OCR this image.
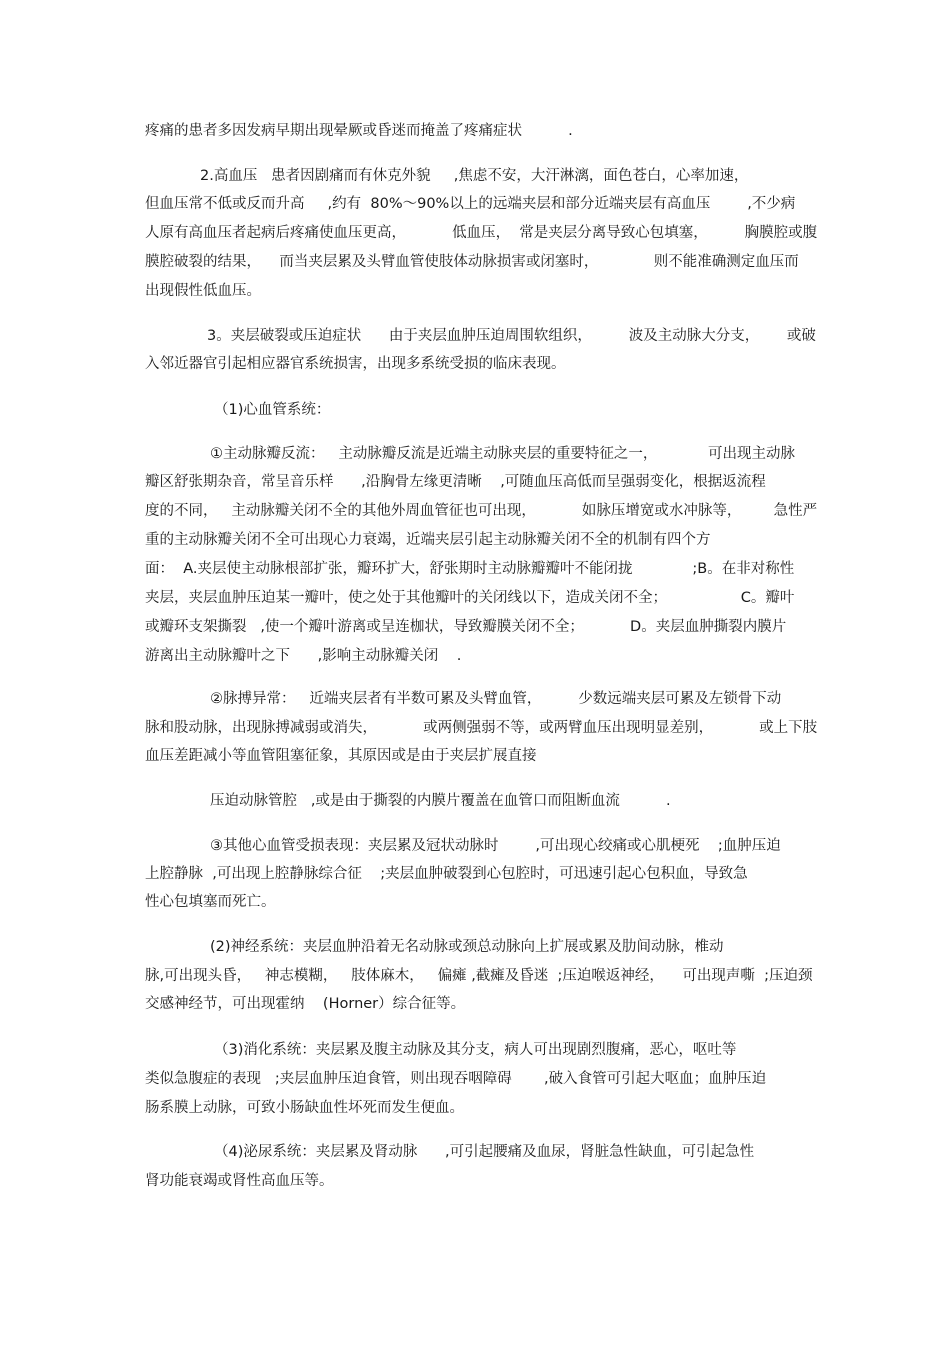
疼痛的患者多因发病早期出现晕厥或昏迷而掩盖了疼痛症状          .
2.高血压   患者因剧痛而有休克外貌     ,焦虑不安，大汗淋漓，面色苍白，心率加速，
但血压常不低或反而升高     ,约有  80%～90%以上的远端夹层和部分近端夹层有高血压        ,不少病
人原有高血压者起病后疼痛使血压更高，          低血压，  常是夹层分离导致心包填塞，        胸膜腔或腹
膜腔破裂的结果，    而当夹层累及头臂血管使肢体动脉损害或闭塞时，            则不能准确测定血压而
出现假性低血压。
3。夹层破裂或压迫症状      由于夹层血肿压迫周围软组织，        波及主动脉大分支，      或破
入邻近器官引起相应器官系统损害，出现多系统受损的临床表现。
（1)心血管系统：
①主动脉瓣反流：   主动脉瓣反流是近端主动脉夹层的重要特征之一，           可出现主动脉
瓣区舒张期杂音，常呈音乐样      ,沿胸骨左缘更清晰    ,可随血压高低而呈强弱变化，根据返流程
度的不同，   主动脉瓣关闭不全的其他外周血管征也可出现，          如脉压增宽或水冲脉等，       急性严
重的主动脉瓣关闭不全可出现心力衰竭，近端夹层引起主动脉瓣关闭不全的机制有四个方
面：  A.夹层使主动脉根部扩张，瓣环扩大，舒张期时主动脉瓣瓣叶不能闭拢             ;B。在非对称性
夹层，夹层血肿压迫某一瓣叶，使之处于其他瓣叶的关闭线以下，造成关闭不全；                C。瓣叶
或瓣环支架撕裂   ,使一个瓣叶游离或呈连枷状，导致瓣膜关闭不全；          D。夹层血肿撕裂内膜片
游离出主动脉瓣叶之下      ,影响主动脉瓣关闭    .
②脉搏异常：   近端夹层者有半数可累及头臂血管，        少数远端夹层可累及左锁骨下动
脉和股动脉，出现脉搏减弱或消失，          或两侧强弱不等，或两臂血压出现明显差别，          或上下肢
血压差距减小等血管阻塞征象，其原因或是由于夹层扩展直接
压迫动脉管腔   ,或是由于撕裂的内膜片覆盖在血管口而阻断血流          .
③其他心血管受损表现：夹层累及冠状动脉时        ,可出现心绞痛或心肌梗死    ;血肿压迫
上腔静脉  ,可出现上腔静脉综合征    ;夹层血肿破裂到心包腔时，可迅速引起心包积血，导致急
性心包填塞而死亡。
(2)神经系统：夹层血肿沿着无名动脉或颈总动脉向上扩展或累及肋间动脉，椎动
脉,可出现头昏，   神志模糊，   肢体麻木，   偏瘫 ,截瘫及昏迷  ;压迫喉返神经，    可出现声嘶  ;压迫颈
交感神经节，可出现霍纳    (Horner）综合征等。
（3)消化系统：夹层累及腹主动脉及其分支，病人可出现剧烈腹痛，恶心，呕吐等
类似急腹症的表现   ;夹层血肿压迫食管，则出现吞咽障碍       ,破入食管可引起大呕血；血肿压迫
肠系膜上动脉，可致小肠缺血性坏死而发生便血。
（4)泌尿系统：夹层累及肾动脉      ,可引起腰痛及血尿，肾脏急性缺血，可引起急性
肾功能衰竭或肾性高血压等。
